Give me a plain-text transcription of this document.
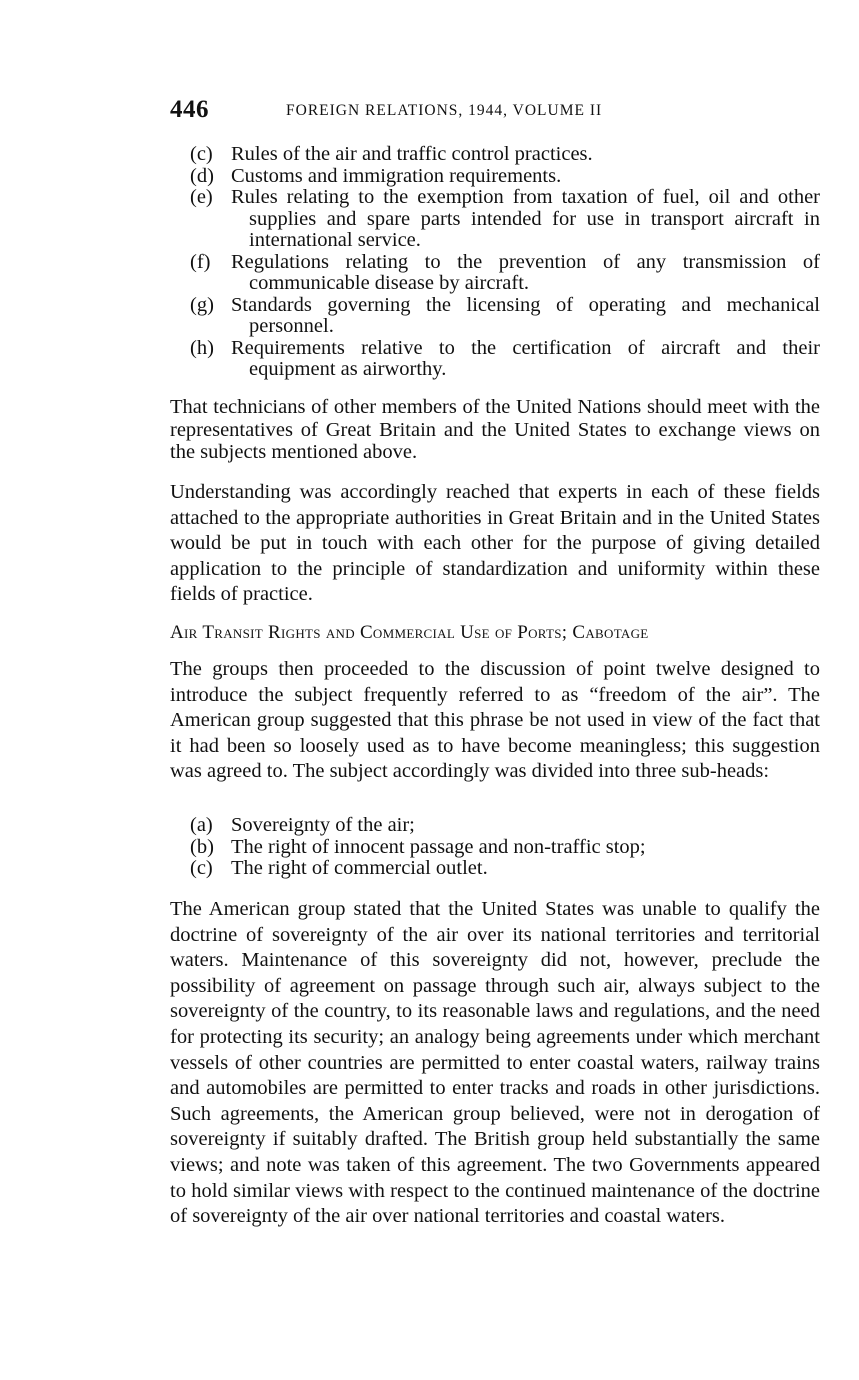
446	FOREIGN RELATIONS, 1944, VOLUME II
(c) Rules of the air and traffic control practices.
(d) Customs and immigration requirements.
(e) Rules relating to the exemption from taxation of fuel, oil and other supplies and spare parts intended for use in transport aircraft in international service.
(f)	Regulations relating to the prevention of any transmission of communicable disease by aircraft.
(g) Standards governing the licensing of operating and mechanical personnel.
(h) Requirements relative to the certification of aircraft and their equipment as airworthy.

That technicians of other members of the United Nations should meet with the representatives of Great Britain and the United States to exchange views on the subjects mentioned above.

Understanding was accordingly reached that experts in each of these fields attached to the appropriate authorities in Great Britain and in the United States would be put in touch with each other for the purpose of giving detailed application to the principle of standardization and uniformity within these fields of practice.

Air Transit Rights and Commercial Use of Ports; Cabotage

The groups then proceeded to the discussion of point twelve designed to introduce the subject frequently referred to as “freedom of the air”. The American group suggested that this phrase be not used in view of the fact that it had been so loosely used as to have become meaningless; this suggestion was agreed to. The subject accordingly was divided into three sub-heads:

(a) Sovereignty of the air;
(b) The right of innocent passage and non-traffic stop;
(c) The right of commercial outlet.

The American group stated that the United States was unable to qualify the doctrine of sovereignty of the air over its national territories and territorial waters. Maintenance of this sovereignty did not, however, preclude the possibility of agreement on passage through such air, always subject to the sovereignty of the country, to its reasonable laws and regulations, and the need for protecting its security; an analogy being agreements under which merchant vessels of other countries are permitted to enter coastal waters, railway trains and automobiles are permitted to enter tracks and roads in other jurisdictions. Such agreements, the American group believed, were not in derogation of sovereignty if suitably drafted. The British group held substantially the same views; and note was taken of this agreement. The two Governments appeared to hold similar views with respect to the continued maintenance of the doctrine of sovereignty of the air over national territories and coastal waters.
